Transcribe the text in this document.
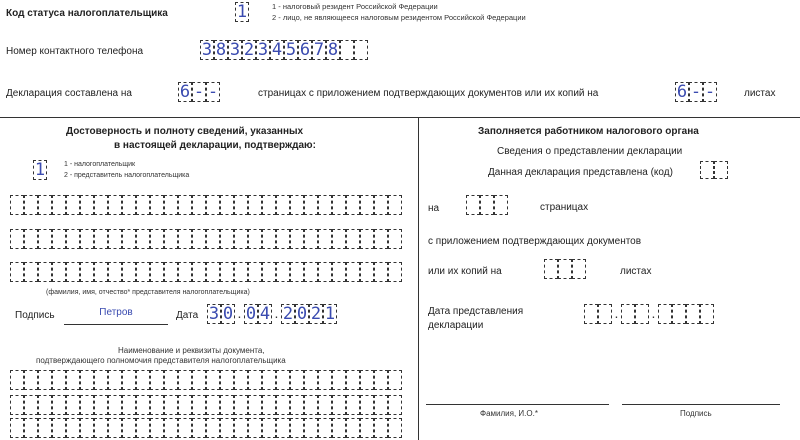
Код статуса налогоплательщика	1	1 - налоговый резидент Российской Федерации
2 - лицо, не являющееся налоговым резидентом Российской Федерации
Номер контактного телефона	3 8 3 2 3 4 5 6 7 8
Декларация составлена на	6 - -	страницах с приложением подтверждающих документов или их копий на	6 - -	листах
Достоверность и полноту сведений, указанных
в настоящей декларации, подтверждаю:
1	1 - налогоплательщик
2 - представитель налогоплательщика
(фамилия, имя, отчество* представителя налогоплательщика)
Подпись	Петров	Дата 3 0 . 0 4 . 2 0 2 1
Наименование и реквизиты документа,
подтверждающего полномочия представителя налогоплательщика
Заполняется работником налогового органа
Сведения о представлении декларации
Данная декларация представлена (код)
на	страницах
с приложением подтверждающих документов
или их копий на	листах
Дата представления
декларации
. .
Фамилия, И.О.*	Подпись
